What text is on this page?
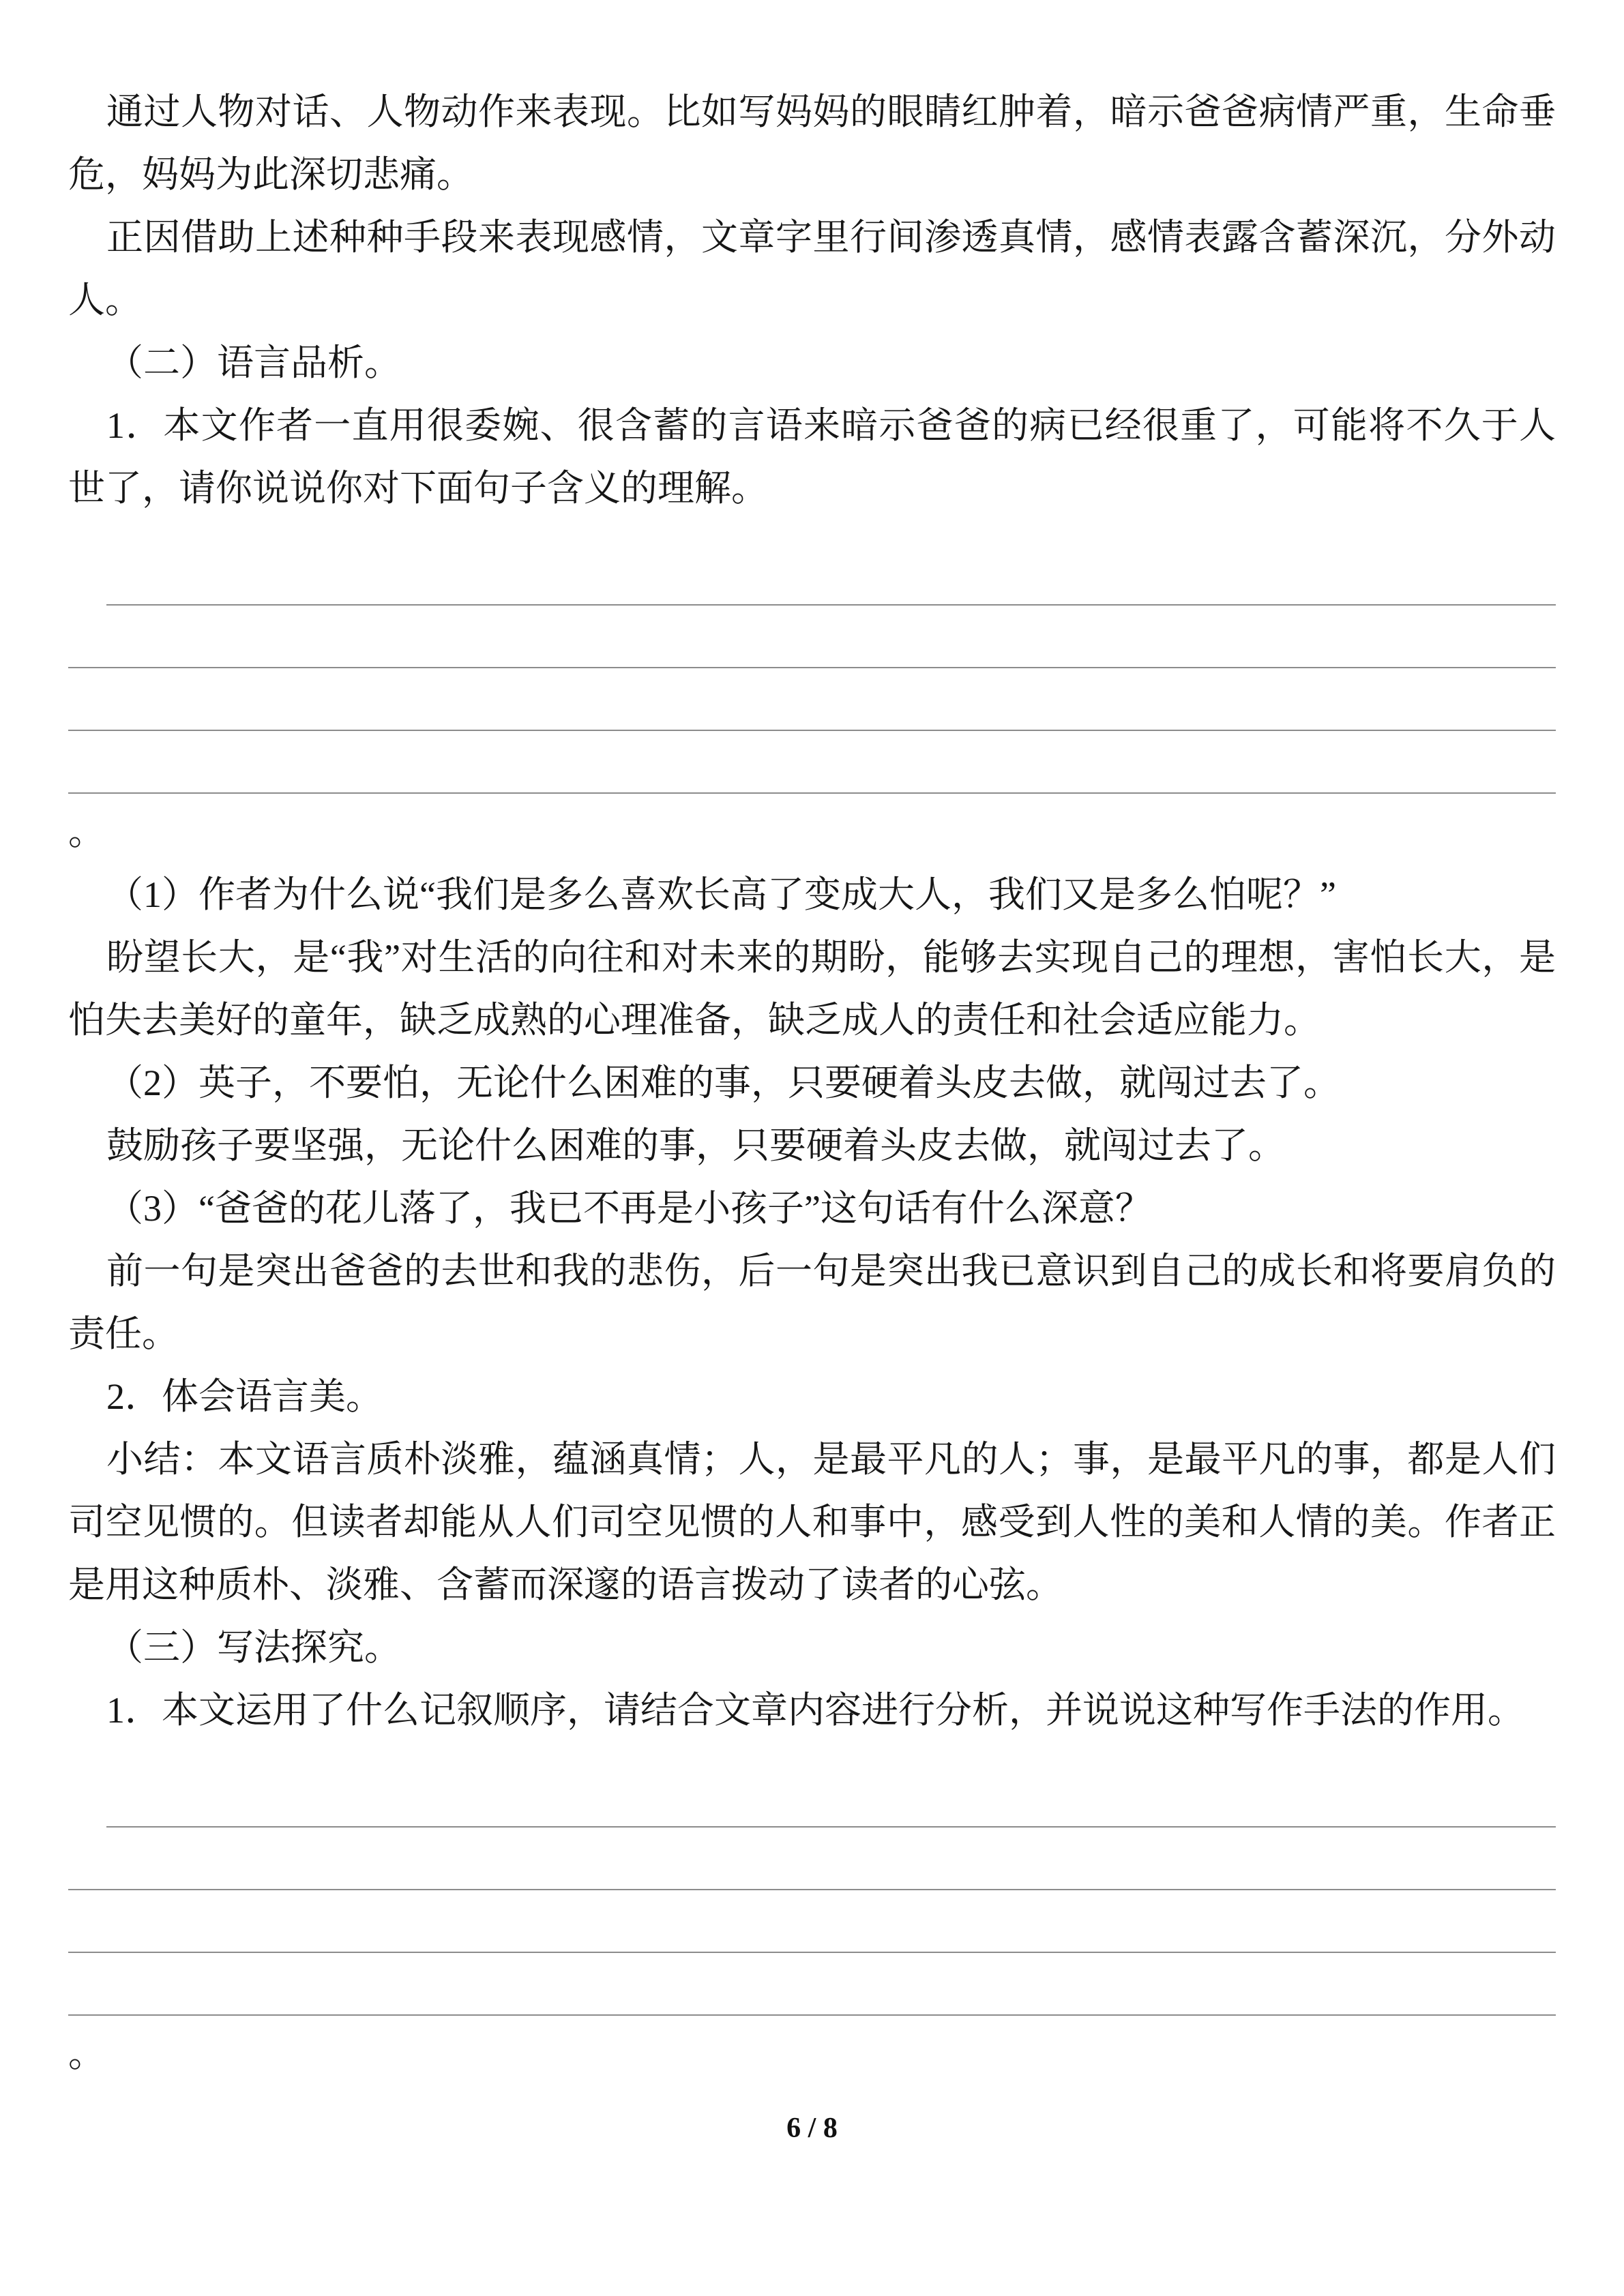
通过人物对话、人物动作来表现。比如写妈妈的眼睛红肿着，暗示爸爸病情严重，生命垂危，妈妈为此深切悲痛。

正因借助上述种种手段来表现感情，文章字里行间渗透真情，感情表露含蓄深沉，分外动人。

（二）语言品析。

1．本文作者一直用很委婉、很含蓄的言语来暗示爸爸的病已经很重了，可能将不久于人世了，请你说说你对下面句子含义的理解。

。

（1）作者为什么说“我们是多么喜欢长高了变成大人，我们又是多么怕呢？”

盼望长大，是“我”对生活的向往和对未来的期盼，能够去实现自己的理想，害怕长大，是怕失去美好的童年，缺乏成熟的心理准备，缺乏成人的责任和社会适应能力。

（2）英子，不要怕，无论什么困难的事，只要硬着头皮去做，就闯过去了。

鼓励孩子要坚强，无论什么困难的事，只要硬着头皮去做，就闯过去了。

（3）“爸爸的花儿落了，我已不再是小孩子”这句话有什么深意？

前一句是突出爸爸的去世和我的悲伤，后一句是突出我已意识到自己的成长和将要肩负的责任。

2．体会语言美。

小结：本文语言质朴淡雅，蕴涵真情；人，是最平凡的人；事，是最平凡的事，都是人们司空见惯的。但读者却能从人们司空见惯的人和事中，感受到人性的美和人情的美。作者正是用这种质朴、淡雅、含蓄而深邃的语言拨动了读者的心弦。

（三）写法探究。

1．本文运用了什么记叙顺序，请结合文章内容进行分析，并说说这种写作手法的作用。

。

6 / 8
